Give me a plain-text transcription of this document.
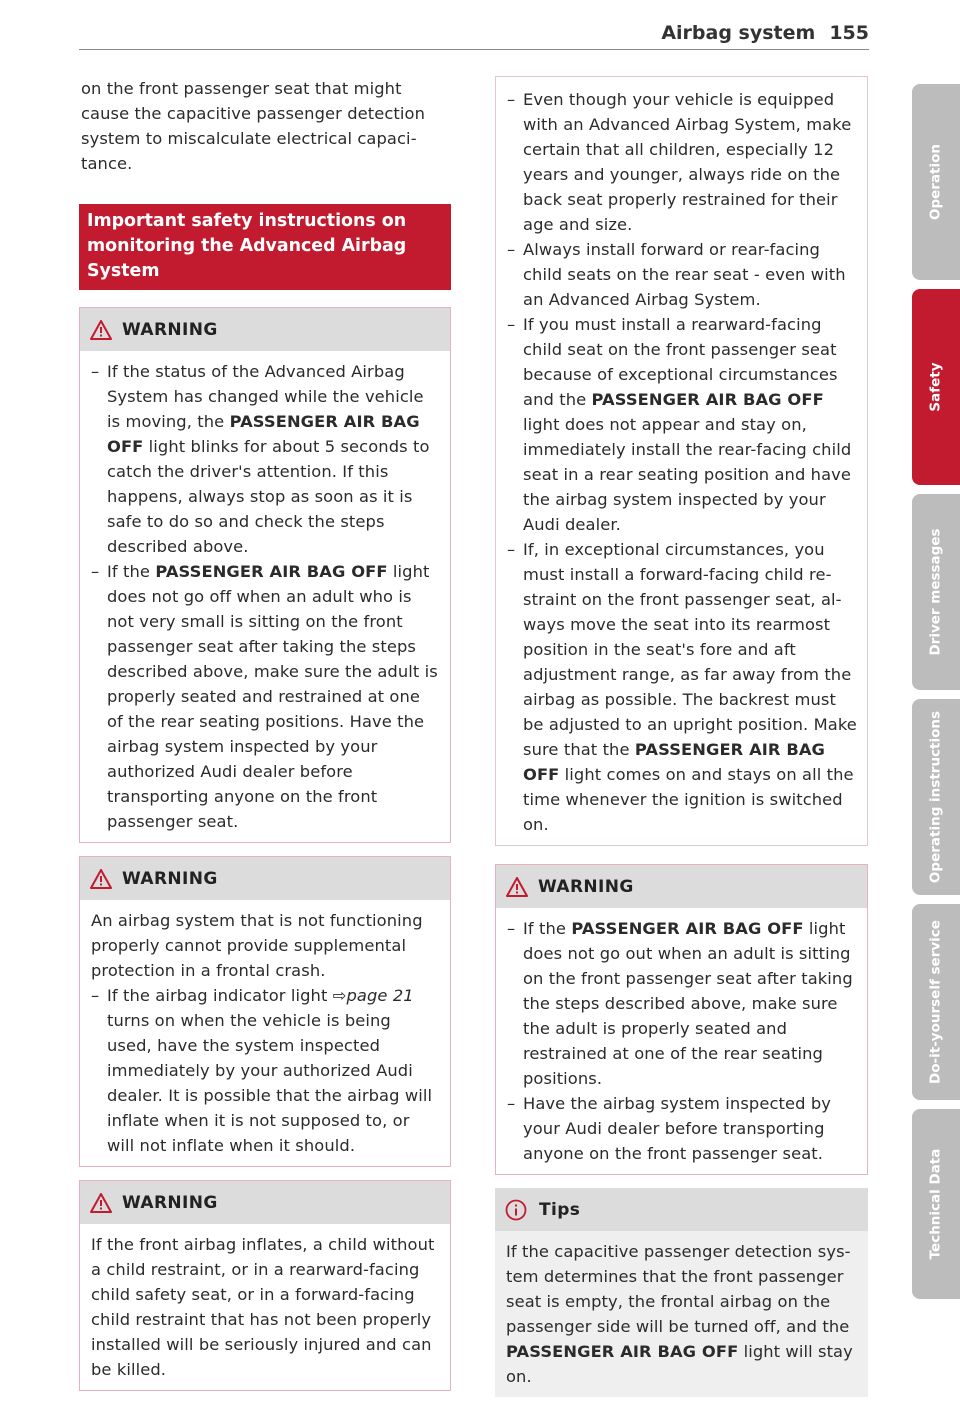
Airbag system 155

on the front passenger seat that might cause the capacitive passenger detection system to miscalculate electrical capacitance.

Important safety instructions on monitoring the Advanced Airbag System
WARNING
– If the status of the Advanced Airbag System has changed while the vehicle is moving, the PASSENGER AIR BAG OFF light blinks for about 5 seconds to catch the driver's attention. If this happens, always stop as soon as it is safe to do so and check the steps described above.
– If the PASSENGER AIR BAG OFF light does not go off when an adult who is not very small is sitting on the front passenger seat after taking the steps described above, make sure the adult is properly seated and restrained at one of the rear seating positions. Have the airbag system inspected by your authorized Audi dealer before transporting anyone on the front passenger seat.
WARNING

An airbag system that is not functioning properly cannot provide supplemental protection in a frontal crash.

– If the airbag indicator light ⇨page 21 turns on when the vehicle is being used, have the system inspected immediately by your authorized Audi dealer. It is possible that the airbag will inflate when it is not supposed to, or will not inflate when it should.
WARNING

If the front airbag inflates, a child without a child restraint, or in a rearward-facing child safety seat, or in a forward-facing child restraint that has not been properly installed will be seriously injured and can be killed.

– Even though your vehicle is equipped with an Advanced Airbag System, make certain that all children, especially 12 years and younger, always ride on the back seat properly restrained for their age and size.
– Always install forward or rear-facing child seats on the rear seat - even with an Advanced Airbag System.
– If you must install a rearward-facing child seat on the front passenger seat because of exceptional circumstances and the PASSENGER AIR BAG OFF light does not appear and stay on, immediately install the rear-facing child seat in a rear seating position and have the airbag system inspected by your Audi dealer.
– If, in exceptional circumstances, you must install a forward-facing child restraint on the front passenger seat, always move the seat into its rearmost position in the seat's fore and aft adjustment range, as far away from the airbag as possible. The backrest must be adjusted to an upright position. Make sure that the PASSENGER AIR BAG OFF light comes on and stays on all the time whenever the ignition is switched on.
WARNING
– If the PASSENGER AIR BAG OFF light does not go out when an adult is sitting on the front passenger seat after taking the steps described above, make sure the adult is properly seated and restrained at one of the rear seating positions.
– Have the airbag system inspected by your Audi dealer before transporting anyone on the front passenger seat.
Tips

If the capacitive passenger detection system determines that the front passenger seat is empty, the frontal airbag on the passenger side will be turned off, and the PASSENGER AIR BAG OFF light will stay on.

Operation
Safety
Driver messages
Operating instructions
Do-it-yourself service
Technical Data
